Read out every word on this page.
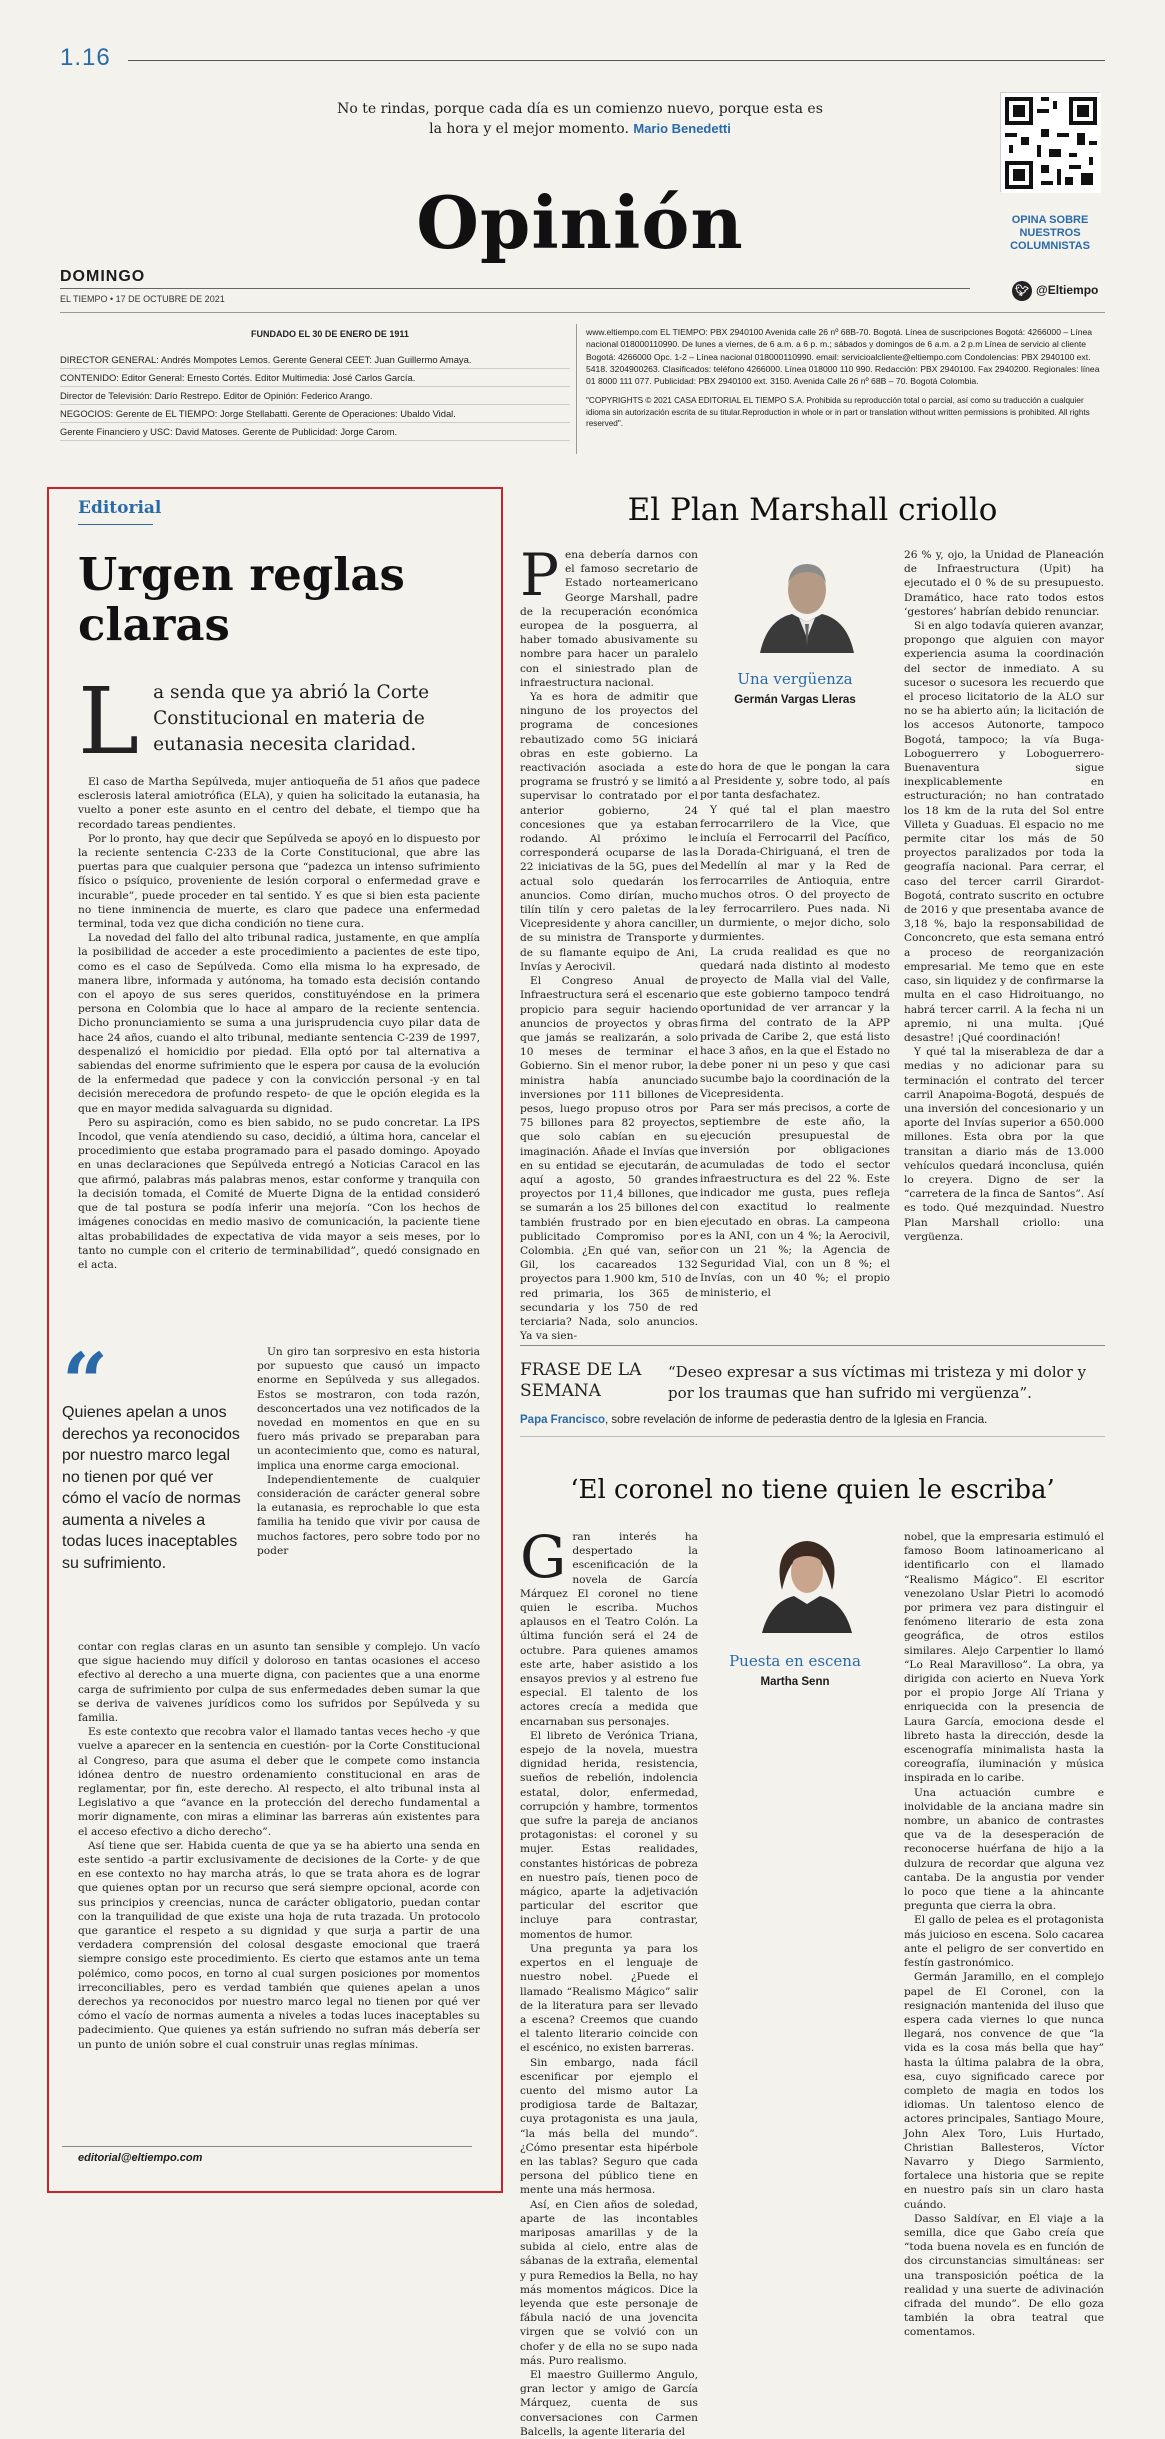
1.16
No te rindas, porque cada día es un comienzo nuevo, porque esta es la hora y el mejor momento. Mario Benedetti
OPINA SOBRE NUESTROS COLUMNISTAS
Opinión
DOMINGO
EL TIEMPO • 17 DE OCTUBRE DE 2021
🐦︎ @Eltiempo
FUNDADO EL 30 DE ENERO DE 1911
DIRECTOR GENERAL: Andrés Mompotes Lemos. Gerente General CEET: Juan Guillermo Amaya.
CONTENIDO: Editor General: Ernesto Cortés. Editor Multimedia: José Carlos García.
Director de Televisión: Darío Restrepo. Editor de Opinión: Federico Arango.
NEGOCIOS: Gerente de EL TIEMPO: Jorge Stellabatti. Gerente de Operaciones: Ubaldo Vidal.
Gerente Financiero y USC: David Matoses. Gerente de Publicidad: Jorge Carom.
www.eltiempo.com EL TIEMPO: PBX 2940100 Avenida calle 26 nº 68B-70. Bogotá. Línea de suscripciones Bogotá: 4266000 – Línea nacional 018000110990. De lunes a viernes, de 6 a.m. a 6 p. m.; sábados y domingos de 6 a.m. a 2 p.m Línea de servicio al cliente Bogotá: 4266000 Opc. 1-2 – Línea nacional 018000110990. email: servicioalcliente@eltiempo.com Condolencias: PBX 2940100 ext. 5418. 3204900263. Clasificados: teléfono 4266000. Línea 018000 110 990. Redacción: PBX 2940100. Fax 2940200. Regionales: línea 01 8000 111 077. Publicidad: PBX 2940100 ext. 3150. Avenida Calle 26 nº 68B – 70. Bogotá Colombia.
"COPYRIGHTS © 2021 CASA EDITORIAL EL TIEMPO S.A. Prohibida su reproducción total o parcial, así como su traducción a cualquier idioma sin autorización escrita de su titular.Reproduction in whole or in part or translation without written permissions is prohibited. All rights reserved".
Editorial
Urgen reglas claras
La senda que ya abrió la Corte Constitucional en materia de eutanasia necesita claridad.

El caso de Martha Sepúlveda, mujer antioqueña de 51 años que padece esclerosis lateral amiotrófica (ELA), y quien ha solicitado la eutanasia, ha vuelto a poner este asunto en el centro del debate, el tiempo que ha recordado tareas pendientes.

Por lo pronto, hay que decir que Sepúlveda se apoyó en lo dispuesto por la reciente sentencia C-233 de la Corte Constitucional, que abre las puertas para que cualquier persona que “padezca un intenso sufrimiento físico o psíquico, proveniente de lesión corporal o enfermedad grave e incurable”, puede proceder en tal sentido. Y es que si bien esta paciente no tiene inminencia de muerte, es claro que padece una enfermedad terminal, toda vez que dicha condición no tiene cura.

La novedad del fallo del alto tribunal radica, justamente, en que amplía la posibilidad de acceder a este procedimiento a pacientes de este tipo, como es el caso de Sepúlveda. Como ella misma lo ha expresado, de manera libre, informada y autónoma, ha tomado esta decisión contando con el apoyo de sus seres queridos, constituyéndose en la primera persona en Colombia que lo hace al amparo de la reciente sentencia. Dicho pronunciamiento se suma a una jurisprudencia cuyo pilar data de hace 24 años, cuando el alto tribunal, mediante sentencia C-239 de 1997, despenalizó el homicidio por piedad. Ella optó por tal alternativa a sabiendas del enorme sufrimiento que le espera por causa de la evolución de la enfermedad que padece y con la convicción personal -y en tal decisión merecedora de profundo respeto- de que le opción elegida es la que en mayor medida salvaguarda su dignidad.

Pero su aspiración, como es bien sabido, no se pudo concretar. La IPS Incodol, que venía atendiendo su caso, decidió, a última hora, cancelar el procedimiento que estaba programado para el pasado domingo. Apoyado en unas declaraciones que Sepúlveda entregó a Noticias Caracol en las que afirmó, palabras más palabras menos, estar conforme y tranquila con la decisión tomada, el Comité de Muerte Digna de la entidad consideró que de tal postura se podía inferir una mejoría. “Con los hechos de imágenes conocidas en medio masivo de comunicación, la paciente tiene altas probabilidades de expectativa de vida mayor a seis meses, por lo tanto no cumple con el criterio de terminabilidad”, quedó consignado en el acta.

“
Quienes apelan a unos derechos ya reconocidos por nuestro marco legal no tienen por qué ver cómo el vacío de normas aumenta a niveles a todas luces inaceptables su sufrimiento.

Un giro tan sorpresivo en esta historia por supuesto que causó un impacto enorme en Sepúlveda y sus allegados. Estos se mostraron, con toda razón, desconcertados una vez notificados de la novedad en momentos en que en su fuero más privado se preparaban para un acontecimiento que, como es natural, implica una enorme carga emocional.

Independientemente de cualquier consideración de carácter general sobre la eutanasia, es reprochable lo que esta familia ha tenido que vivir por causa de muchos factores, pero sobre todo por no poder

contar con reglas claras en un asunto tan sensible y complejo. Un vacío que sigue haciendo muy difícil y doloroso en tantas ocasiones el acceso efectivo al derecho a una muerte digna, con pacientes que a una enorme carga de sufrimiento por culpa de sus enfermedades deben sumar la que se deriva de vaivenes jurídicos como los sufridos por Sepúlveda y su familia.

Es este contexto que recobra valor el llamado tantas veces hecho -y que vuelve a aparecer en la sentencia en cuestión- por la Corte Constitucional al Congreso, para que asuma el deber que le compete como instancia idónea dentro de nuestro ordenamiento constitucional en aras de reglamentar, por fin, este derecho. Al respecto, el alto tribunal insta al Legislativo a que “avance en la protección del derecho fundamental a morir dignamente, con miras a eliminar las barreras aún existentes para el acceso efectivo a dicho derecho”.

Así tiene que ser. Habida cuenta de que ya se ha abierto una senda en este sentido -a partir exclusivamente de decisiones de la Corte- y de que en ese contexto no hay marcha atrás, lo que se trata ahora es de lograr que quienes optan por un recurso que será siempre opcional, acorde con sus principios y creencias, nunca de carácter obligatorio, puedan contar con la tranquilidad de que existe una hoja de ruta trazada. Un protocolo que garantice el respeto a su dignidad y que surja a partir de una verdadera comprensión del colosal desgaste emocional que traerá siempre consigo este procedimiento. Es cierto que estamos ante un tema polémico, como pocos, en torno al cual surgen posiciones por momentos irreconciliables, pero es verdad también que quienes apelan a unos derechos ya reconocidos por nuestro marco legal no tienen por qué ver cómo el vacío de normas aumenta a niveles a todas luces inaceptables su padecimiento. Que quienes ya están sufriendo no sufran más debería ser un punto de unión sobre el cual construir unas reglas mínimas.

editorial@eltiempo.com
El Plan Marshall criollo

Pena debería darnos con el famoso secretario de Estado norteamericano George Marshall, padre de la recuperación económica europea de la posguerra, al haber tomado abusivamente su nombre para hacer un paralelo con el siniestrado plan de infraestructura nacional.

Ya es hora de admitir que ninguno de los proyectos del programa de concesiones rebautizado como 5G iniciará obras en este gobierno. La reactivación asociada a este programa se frustró y se limitó a supervisar lo contratado por el anterior gobierno, 24 concesiones que ya estaban rodando. Al próximo le corresponderá ocuparse de las 22 iniciativas de la 5G, pues del actual solo quedarán los anuncios. Como dirían, mucho tilín tilín y cero paletas de la Vicepresidente y ahora canciller, de su ministra de Transporte y de su flamante equipo de Ani, Invías y Aerocivil.

El Congreso Anual de Infraestructura será el escenario propicio para seguir haciendo anuncios de proyectos y obras que jamás se realizarán, a solo 10 meses de terminar el Gobierno. Sin el menor rubor, la ministra había anunciado inversiones por 111 billones de pesos, luego propuso otros por 75 billones para 82 proyectos, que solo cabían en su imaginación. Añade el Invías que en su entidad se ejecutarán, de aquí a agosto, 50 grandes proyectos por 11,4 billones, que se sumarán a los 25 billones del también frustrado por en bien publicitado Compromiso por Colombia. ¿En qué van, señor Gil, los cacareados 132 proyectos para 1.900 km, 510 de red primaria, los 365 de secundaria y los 750 de red terciaria? Nada, solo anuncios. Ya va sien-

Una vergüenza
Germán Vargas Lleras

do hora de que le pongan la cara al Presidente y, sobre todo, al país por tanta desfachatez.

Y qué tal el plan maestro ferrocarrilero de la Vice, que incluía el Ferrocarril del Pacífico, la Dorada-Chiriguaná, el tren de Medellín al mar y la Red de ferrocarriles de Antioquia, entre muchos otros. O del proyecto de ley ferrocarrilero. Pues nada. Ni un durmiente, o mejor dicho, solo durmientes.

La cruda realidad es que no quedará nada distinto al modesto proyecto de Malla vial del Valle, que este gobierno tampoco tendrá oportunidad de ver arrancar y la firma del contrato de la APP privada de Caribe 2, que está listo hace 3 años, en la que el Estado no debe poner ni un peso y que casi sucumbe bajo la coordinación de la Vicepresidenta.

Para ser más precisos, a corte de septiembre de este año, la ejecución presupuestal de inversión por obligaciones acumuladas de todo el sector infraestructura es del 22 %. Este indicador me gusta, pues refleja con exactitud lo realmente ejecutado en obras. La campeona es la ANI, con un 4 %; la Aerocivil, con un 21 %; la Agencia de Seguridad Vial, con un 8 %; el Invías, con un 40 %; el propio ministerio, el

26 % y, ojo, la Unidad de Planeación de Infraestructura (Upit) ha ejecutado el 0 % de su presupuesto. Dramático, hace rato todos estos ‘gestores’ habrían debido renunciar.

Si en algo todavía quieren avanzar, propongo que alguien con mayor experiencia asuma la coordinación del sector de inmediato. A su sucesor o sucesora les recuerdo que el proceso licitatorio de la ALO sur no se ha abierto aún; la licitación de los accesos Autonorte, tampoco Bogotá, tampoco; la vía Buga-Loboguerrero y Loboguerrero-Buenaventura sigue inexplicablemente en estructuración; no han contratado los 18 km de la ruta del Sol entre Villeta y Guaduas. El espacio no me permite citar los más de 50 proyectos paralizados por toda la geografía nacional. Para cerrar, el caso del tercer carril Girardot-Bogotá, contrato suscrito en octubre de 2016 y que presentaba avance de 3,18 %, bajo la responsabilidad de Conconcreto, que esta semana entró a proceso de reorganización empresarial. Me temo que en este caso, sin liquidez y de confirmarse la multa en el caso Hidroituango, no habrá tercer carril. A la fecha ni un apremio, ni una multa. ¡Qué desastre! ¡Qué coordinación!

Y qué tal la miserableza de dar a medias y no adicionar para su terminación el contrato del tercer carril Anapoima-Bogotá, después de una inversión del concesionario y un aporte del Invías superior a 650.000 millones. Esta obra por la que transitan a diario más de 13.000 vehículos quedará inconclusa, quién lo creyera. Digno de ser la “carretera de la finca de Santos”. Así es todo. Qué mezquindad. Nuestro Plan Marshall criollo: una vergüenza.

FRASE DE LA SEMANA
“Deseo expresar a sus víctimas mi tristeza y mi dolor y por los traumas que han sufrido mi vergüenza”.
Papa Francisco, sobre revelación de informe de pederastia dentro de la Iglesia en Francia.
‘El coronel no tiene quien le escriba’

Gran interés ha despertado la escenificación de la novela de García Márquez El coronel no tiene quien le escriba. Muchos aplausos en el Teatro Colón. La última función será el 24 de octubre. Para quienes amamos este arte, haber asistido a los ensayos previos y al estreno fue especial. El talento de los actores crecía a medida que encarnaban sus personajes.

El libreto de Verónica Triana, espejo de la novela, muestra dignidad herida, resistencia, sueños de rebelión, indolencia estatal, dolor, enfermedad, corrupción y hambre, tormentos que sufre la pareja de ancianos protagonistas: el coronel y su mujer. Estas realidades, constantes históricas de pobreza en nuestro país, tienen poco de mágico, aparte la adjetivación particular del escritor que incluye para contrastar, momentos de humor.

Una pregunta ya para los expertos en el lenguaje de nuestro nobel. ¿Puede el llamado “Realismo Mágico” salir de la literatura para ser llevado a escena? Creemos que cuando el talento literario coincide con el escénico, no existen barreras.

Sin embargo, nada fácil escenificar por ejemplo el cuento del mismo autor La prodigiosa tarde de Baltazar, cuya protagonista es una jaula, “la más bella del mundo”. ¿Cómo presentar esta hipérbole en las tablas? Seguro que cada persona del público tiene en mente una más hermosa.

Así, en Cien años de soledad, aparte de las incontables mariposas amarillas y de la subida al cielo, entre alas de sábanas de la extraña, elemental y pura Remedios la Bella, no hay más momentos mágicos. Dice la leyenda que este personaje de fábula nació de una jovencita virgen que se volvió con un chofer y de ella no se supo nada más. Puro realismo.

El maestro Guillermo Angulo, gran lector y amigo de García Márquez, cuenta de sus conversaciones con Carmen Balcells, la agente literaria del

Puesta en escena
Martha Senn

nobel, que la empresaria estimuló el famoso Boom latinoamericano al identificarlo con el llamado “Realismo Mágico”. El escritor venezolano Uslar Pietri lo acomodó por primera vez para distinguir el fenómeno literario de esta zona geográfica, de otros estilos similares. Alejo Carpentier lo llamó “Lo Real Maravilloso”. La obra, ya dirigida con acierto en Nueva York por el propio Jorge Alí Triana y enriquecida con la presencia de Laura García, emociona desde el libreto hasta la dirección, desde la escenografía minimalista hasta la coreografía, iluminación y música inspirada en lo caribe.

Una actuación cumbre e inolvidable de la anciana madre sin nombre, un abanico de contrastes que va de la desesperación de reconocerse huérfana de hijo a la dulzura de recordar que alguna vez cantaba. De la angustia por vender lo poco que tiene a la ahincante pregunta que cierra la obra.

El gallo de pelea es el protagonista más juicioso en escena. Solo cacarea ante el peligro de ser convertido en festín gastronómico.

Germán Jaramillo, en el complejo papel de El Coronel, con la resignación mantenida del iluso que espera cada viernes lo que nunca llegará, nos convence de que “la vida es la cosa más bella que hay” hasta la última palabra de la obra, esa, cuyo significado carece por completo de magia en todos los idiomas. Un talentoso elenco de actores principales, Santiago Moure, John Alex Toro, Luis Hurtado, Christian Ballesteros, Víctor Navarro y Diego Sarmiento, fortalece una historia que se repite en nuestro país sin un claro hasta cuándo.

Dasso Saldívar, en El viaje a la semilla, dice que Gabo creía que “toda buena novela es en función de dos circunstancias simultáneas: ser una transposición poética de la realidad y una suerte de adivinación cifrada del mundo”. De ello goza también la obra teatral que comentamos.
